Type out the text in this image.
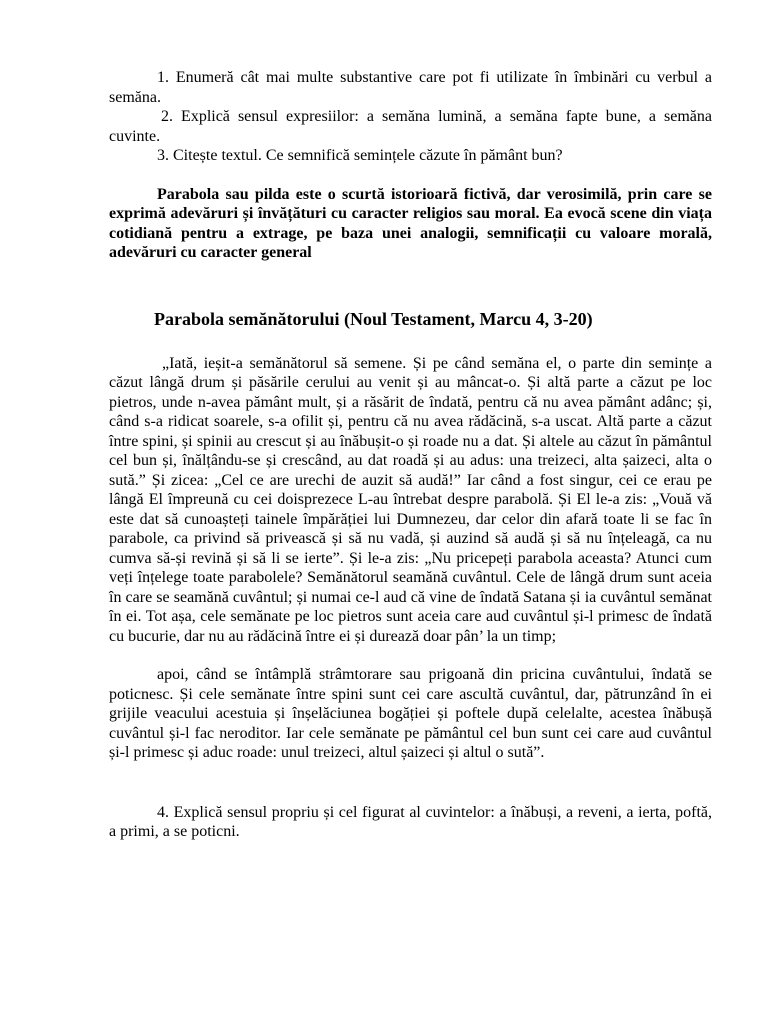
1. Enumeră cât mai multe substantive care pot fi utilizate în îmbinări cu verbul a semăna.

2. Explică sensul expresiilor: a semăna lumină, a semăna fapte bune, a semăna cuvinte.

3. Citește textul. Ce semnifică semințele căzute în pământ bun?

Parabola sau pilda este o scurtă istorioară fictivă, dar verosimilă, prin care se exprimă adevăruri și învățături cu caracter religios sau moral. Ea evocă scene din viața cotidiană pentru a extrage, pe baza unei analogii, semnificații cu valoare morală, adevăruri cu caracter general

Parabola semănătorului (Noul Testament, Marcu 4, 3-20)

„Iată, ieșit-a semănătorul să semene. Și pe când semăna el, o parte din semințe a căzut lângă drum și păsările cerului au venit și au mâncat-o. Și altă parte a căzut pe loc pietros, unde n-avea pământ mult, și a răsărit de îndată, pentru că nu avea pământ adânc; și, când s-a ridicat soarele, s-a ofilit și, pentru că nu avea rădăcină, s-a uscat. Altă parte a căzut între spini, și spinii au crescut și au înăbușit-o și roade nu a dat. Și altele au căzut în pământul cel bun și, înălțându-se și crescând, au dat roadă și au adus: una treizeci, alta șaizeci, alta o sută.” Și zicea: „Cel ce are urechi de auzit să audă!” Iar când a fost singur, cei ce erau pe lângă El împreună cu cei doisprezece L-au întrebat despre parabolă. Și El le-a zis: „Vouă vă este dat să cunoașteți tainele împărăției lui Dumnezeu, dar celor din afară toate li se fac în parabole, ca privind să privească și să nu vadă, și auzind să audă și să nu înțeleagă, ca nu cumva să-și revină și să li se ierte”. Și le-a zis: „Nu pricepeți parabola aceasta? Atunci cum veți înțelege toate parabolele? Semănătorul seamănă cuvântul. Cele de lângă drum sunt aceia în care se seamănă cuvântul; și numai ce-l aud că vine de îndată Satana și ia cuvântul semănat în ei. Tot așa, cele semănate pe loc pietros sunt aceia care aud cuvântul și-l primesc de îndată cu bucurie, dar nu au rădăcină între ei și durează doar pân’ la un timp;

apoi, când se întâmplă strâmtorare sau prigoană din pricina cuvântului, îndată se poticnesc. Și cele semănate între spini sunt cei care ascultă cuvântul, dar, pătrunzând în ei grijile veacului acestuia și înșelăciunea bogăției și poftele după celelalte, acestea înăbușă cuvântul și-l fac neroditor. Iar cele semănate pe pământul cel bun sunt cei care aud cuvântul și-l primesc și aduc roade: unul treizeci, altul șaizeci și altul o sută”.

4. Explică sensul propriu și cel figurat al cuvintelor: a înăbuși, a reveni, a ierta, poftă, a primi, a se poticni.
